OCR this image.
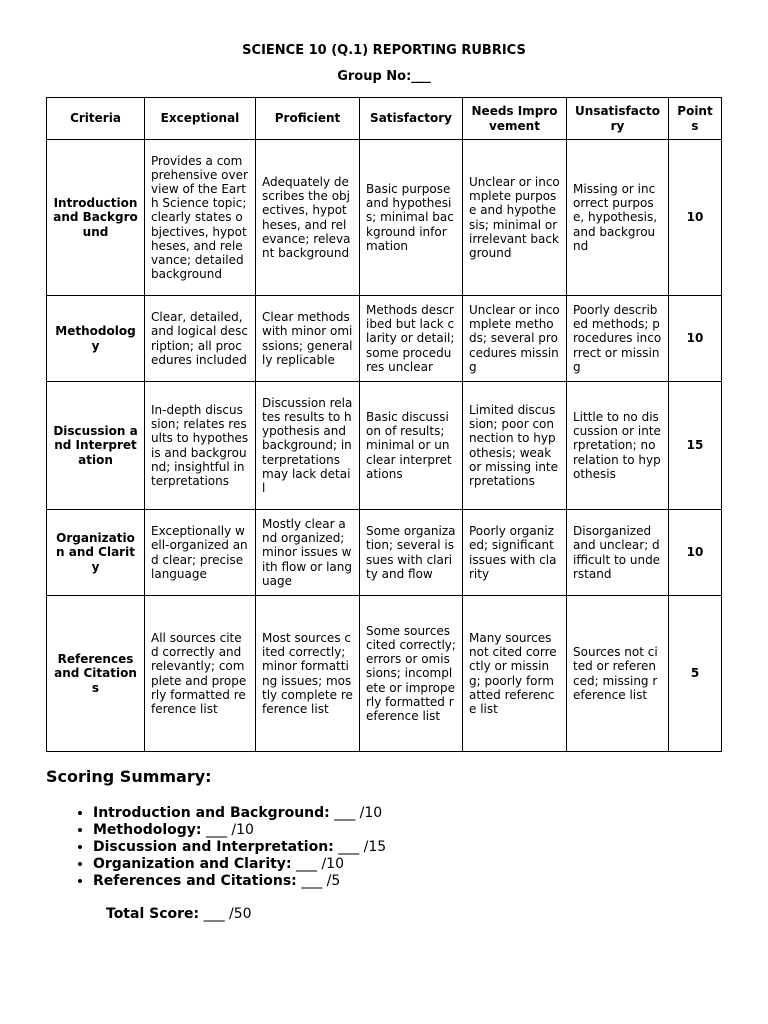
SCIENCE 10 (Q.1) REPORTING RUBRICS
Group No:___
Criteria	Exceptional	Proficient	Satisfactory	Needs Improvement	Unsatisfactory	Points
Introduction and Background	Provides a comprehensive overview of the Earth Science topic; clearly states objectives, hypotheses, and relevance; detailed background	Adequately describes the objectives, hypotheses, and relevance; relevant background	Basic purpose and hypothesis; minimal background information	Unclear or incomplete purpose and hypothesis; minimal or irrelevant background	Missing or incorrect purpose, hypothesis, and background	10
Methodology	Clear, detailed, and logical description; all procedures included	Clear methods with minor omissions; generally replicable	Methods described but lack clarity or detail; some procedures unclear	Unclear or incomplete methods; several procedures missing	Poorly described methods; procedures incorrect or missing	10
Discussion and Interpretation	In-depth discussion; relates results to hypothesis and background; insightful interpretations	Discussion relates results to hypothesis and background; interpretations may lack detail	Basic discussion of results; minimal or unclear interpretations	Limited discussion; poor connection to hypothesis; weak or missing interpretations	Little to no discussion or interpretation; no relation to hypothesis	15
Organization and Clarity	Exceptionally well-organized and clear; precise language	Mostly clear and organized; minor issues with flow or language	Some organization; several issues with clarity and flow	Poorly organized; significant issues with clarity	Disorganized and unclear; difficult to understand	10
References and Citations	All sources cited correctly and relevantly; complete and properly formatted reference list	Most sources cited correctly; minor formatting issues; mostly complete reference list	Some sources cited correctly; errors or omissions; incomplete or improperly formatted reference list	Many sources not cited correctly or missing; poorly formatted reference list	Sources not cited or referenced; missing reference list	5
Scoring Summary:
• Introduction and Background: ___ /10
• Methodology: ___ /10
• Discussion and Interpretation: ___ /15
• Organization and Clarity: ___ /10
• References and Citations: ___ /5
Total Score: ___ /50
